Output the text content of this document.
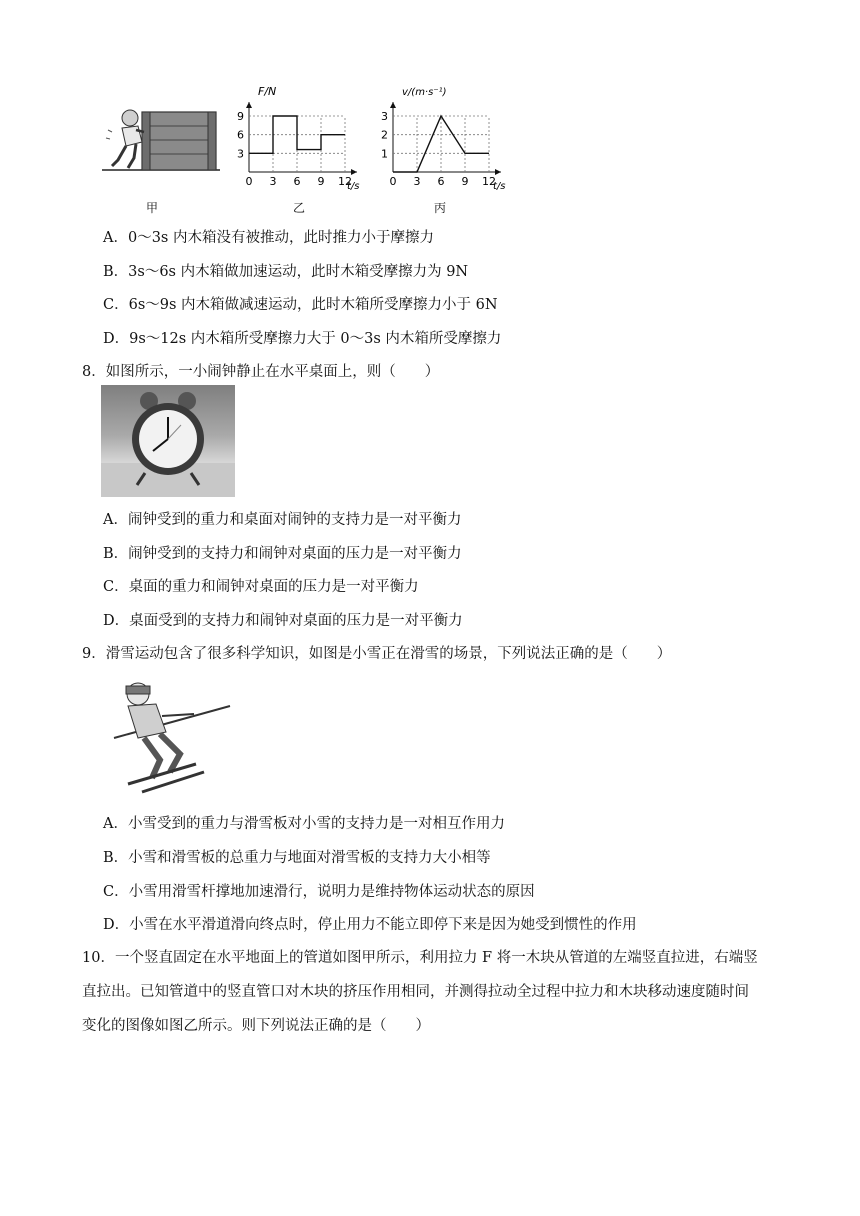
0 3 6 9 12
3
6
9
F/N
t/s	0 3 6 9 12
1
2
3
v/(m·s⁻¹)
t/s
甲	乙	丙
A．0～3s 内木箱没有被推动，此时推力小于摩擦力
B．3s～6s 内木箱做加速运动，此时木箱受摩擦力为 9N
C．6s～9s 内木箱做减速运动，此时木箱所受摩擦力小于 6N
D．9s～12s 内木箱所受摩擦力大于 0～3s 内木箱所受摩擦力
8．如图所示，一小闹钟静止在水平桌面上，则（　　）
A．闹钟受到的重力和桌面对闹钟的支持力是一对平衡力
B．闹钟受到的支持力和闹钟对桌面的压力是一对平衡力
C．桌面的重力和闹钟对桌面的压力是一对平衡力
D．桌面受到的支持力和闹钟对桌面的压力是一对平衡力
9．滑雪运动包含了很多科学知识，如图是小雪正在滑雪的场景，下列说法正确的是（　　）
A．小雪受到的重力与滑雪板对小雪的支持力是一对相互作用力
B．小雪和滑雪板的总重力与地面对滑雪板的支持力大小相等
C．小雪用滑雪杆撑地加速滑行，说明力是维持物体运动状态的原因
D．小雪在水平滑道滑向终点时，停止用力不能立即停下来是因为她受到惯性的作用
10．一个竖直固定在水平地面上的管道如图甲所示，利用拉力 F 将一木块从管道的左端竖直拉进，右端竖
直拉出。已知管道中的竖直管口对木块的挤压作用相同，并测得拉动全过程中拉力和木块移动速度随时间
变化的图像如图乙所示。则下列说法正确的是（　　）
